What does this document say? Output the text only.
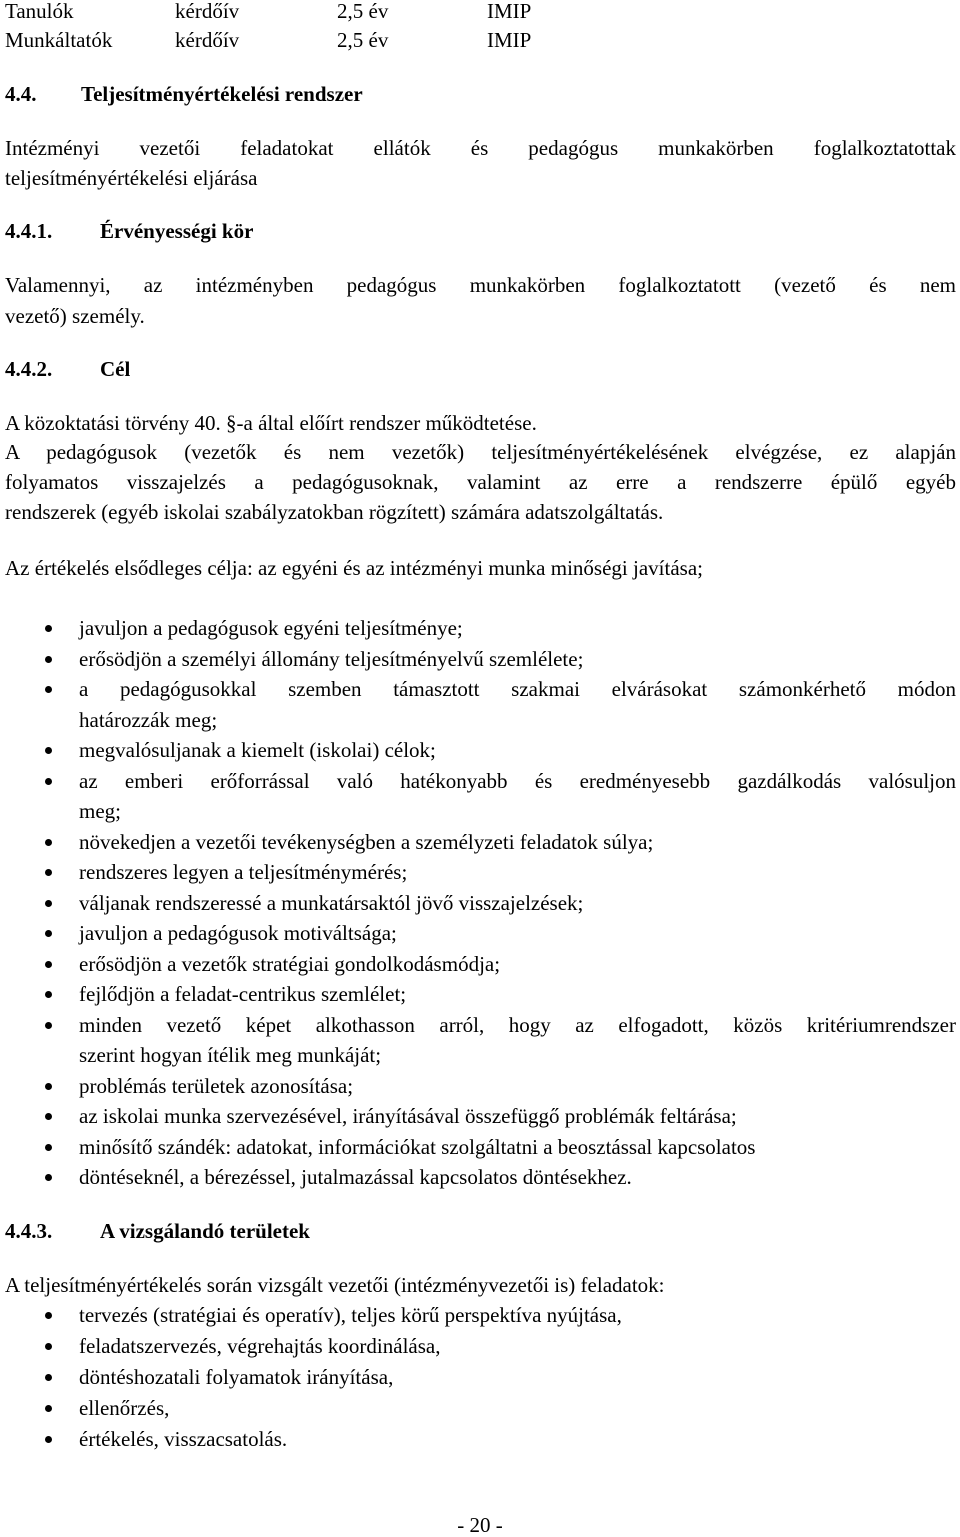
Tanulók	kérdőív	2,5 év	IMIP
Munkáltatók	kérdőív	2,5 év	IMIP
4.4. Teljesítményértékelési rendszer
Intézményi vezetői feladatokat ellátók és pedagógus munkakörben foglalkoztatottak
teljesítményértékelési eljárása
4.4.1. Érvényességi kör
Valamennyi, az intézményben pedagógus munkakörben foglalkoztatott (vezető és nem
vezető) személy.
4.4.2. Cél
A közoktatási törvény 40. §-a által előírt rendszer működtetése.
A pedagógusok (vezetők és nem vezetők) teljesítményértékelésének elvégzése, ez alapján
folyamatos visszajelzés a pedagógusoknak, valamint az erre a rendszerre épülő egyéb
rendszerek (egyéb iskolai szabályzatokban rögzített) számára adatszolgáltatás.
Az értékelés elsődleges célja: az egyéni és az intézményi munka minőségi javítása;
javuljon a pedagógusok egyéni teljesítménye;
erősödjön a személyi állomány teljesítményelvű szemlélete;
a pedagógusokkal szemben támasztott szakmai elvárásokat számonkérhető módon
határozzák meg;
megvalósuljanak a kiemelt (iskolai) célok;
az emberi erőforrással való hatékonyabb és eredményesebb gazdálkodás valósuljon
meg;
növekedjen a vezetői tevékenységben a személyzeti feladatok súlya;
rendszeres legyen a teljesítménymérés;
váljanak rendszeressé a munkatársaktól jövő visszajelzések;
javuljon a pedagógusok motiváltsága;
erősödjön a vezetők stratégiai gondolkodásmódja;
fejlődjön a feladat-centrikus szemlélet;
minden vezető képet alkothasson arról, hogy az elfogadott, közös kritériumrendszer
szerint hogyan ítélik meg munkáját;
problémás területek azonosítása;
az iskolai munka szervezésével, irányításával összefüggő problémák feltárása;
minősítő szándék: adatokat, információkat szolgáltatni a beosztással kapcsolatos
döntéseknél, a bérezéssel, jutalmazással kapcsolatos döntésekhez.
4.4.3. A vizsgálandó területek
A teljesítményértékelés során vizsgált vezetői (intézményvezetői is) feladatok:
tervezés (stratégiai és operatív), teljes körű perspektíva nyújtása,
feladatszervezés, végrehajtás koordinálása,
döntéshozatali folyamatok irányítása,
ellenőrzés,
értékelés, visszacsatolás.
- 20 -
